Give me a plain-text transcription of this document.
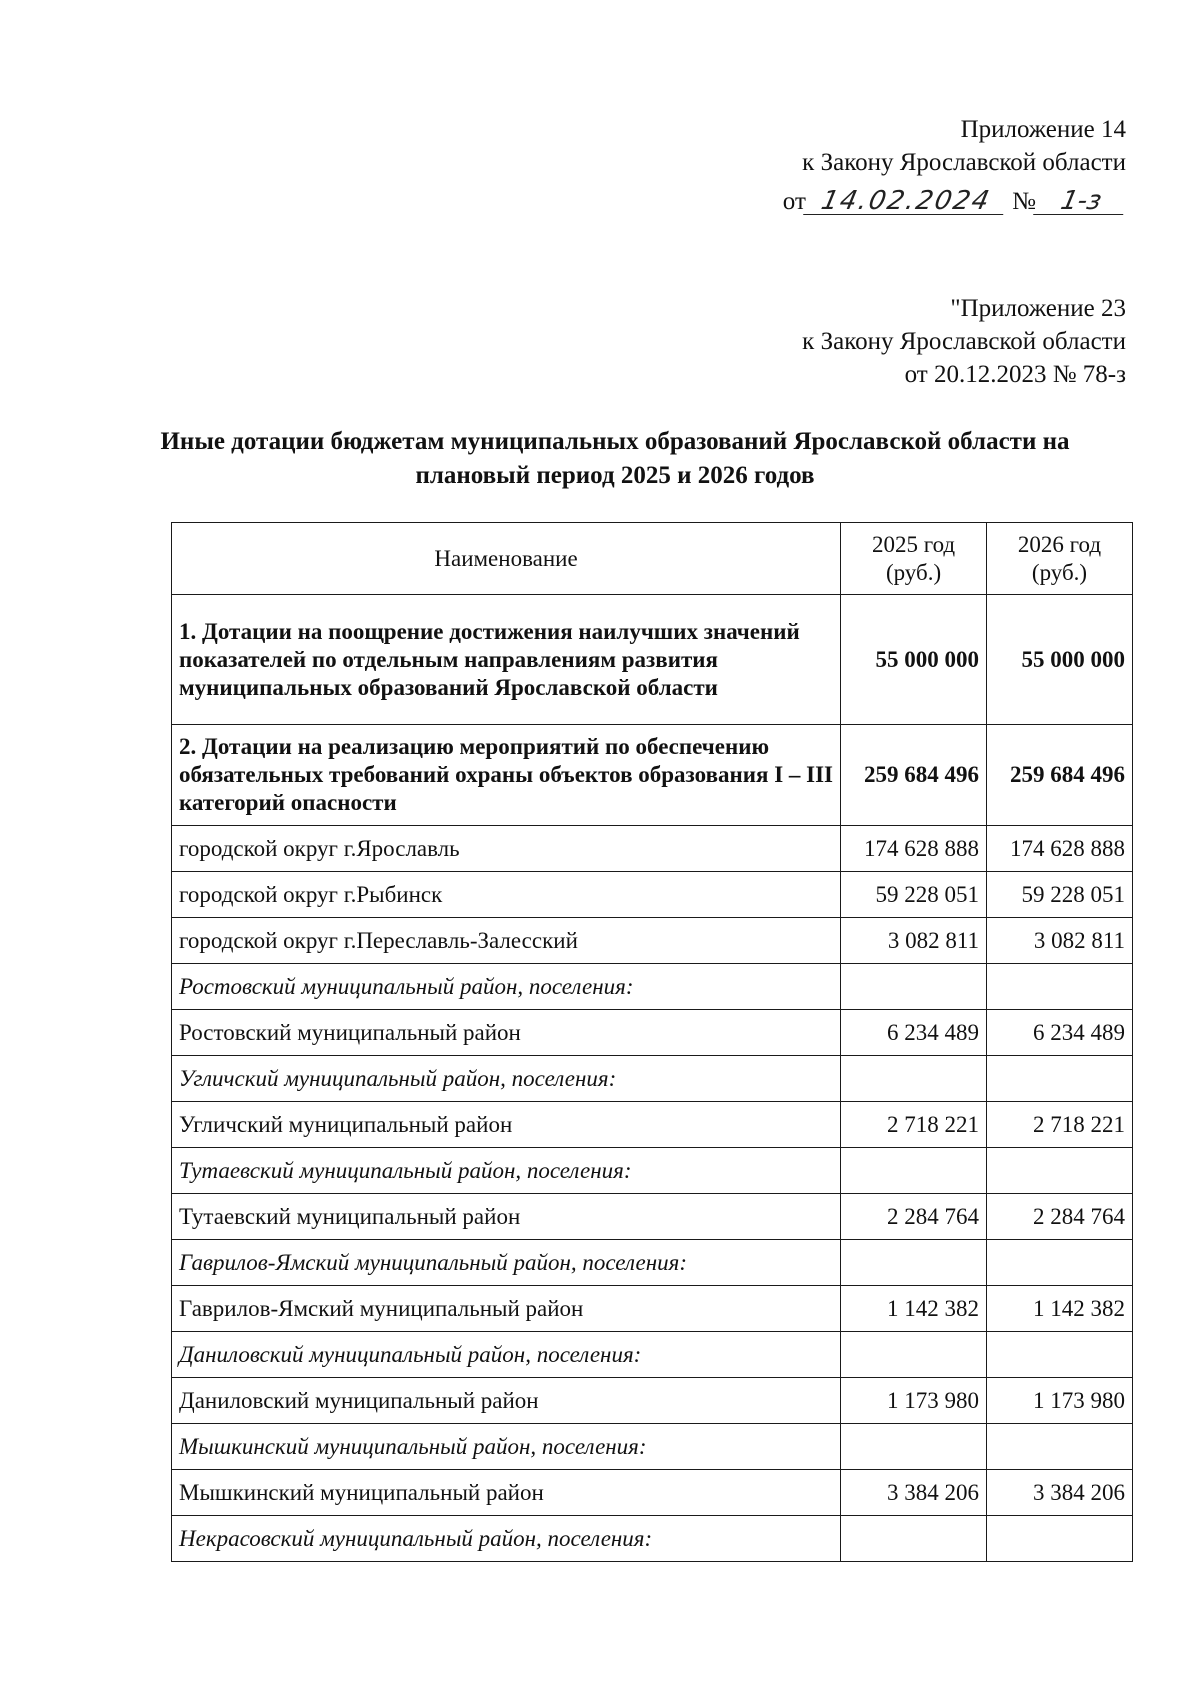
Приложение 14
к Закону Ярославской области
от 14.02.2024 № 1-з
"Приложение 23
к Закону Ярославской области
от 20.12.2023 № 78-з
Иные дотации бюджетам муниципальных образований Ярославской области на плановый период 2025 и 2026 годов
Наименование	2025 год (руб.)	2026 год (руб.)
1. Дотации на поощрение достижения наилучших значений показателей по отдельным направлениям развития муниципальных образований Ярославской области	55 000 000	55 000 000
2. Дотации на реализацию мероприятий по обеспечению обязательных требований охраны объектов образования I – III категорий опасности	259 684 496	259 684 496
городской округ г.Ярославль	174 628 888	174 628 888
городской округ г.Рыбинск	59 228 051	59 228 051
городской округ г.Переславль-Залесский	3 082 811	3 082 811
Ростовский муниципальный район, поселения:		
Ростовский муниципальный район	6 234 489	6 234 489
Угличский муниципальный район, поселения:		
Угличский муниципальный район	2 718 221	2 718 221
Тутаевский муниципальный район, поселения:		
Тутаевский муниципальный район	2 284 764	2 284 764
Гаврилов-Ямский муниципальный район, поселения:		
Гаврилов-Ямский муниципальный район	1 142 382	1 142 382
Даниловский муниципальный район, поселения:		
Даниловский муниципальный район	1 173 980	1 173 980
Мышкинский муниципальный район, поселения:		
Мышкинский муниципальный район	3 384 206	3 384 206
Некрасовский муниципальный район, поселения:		
